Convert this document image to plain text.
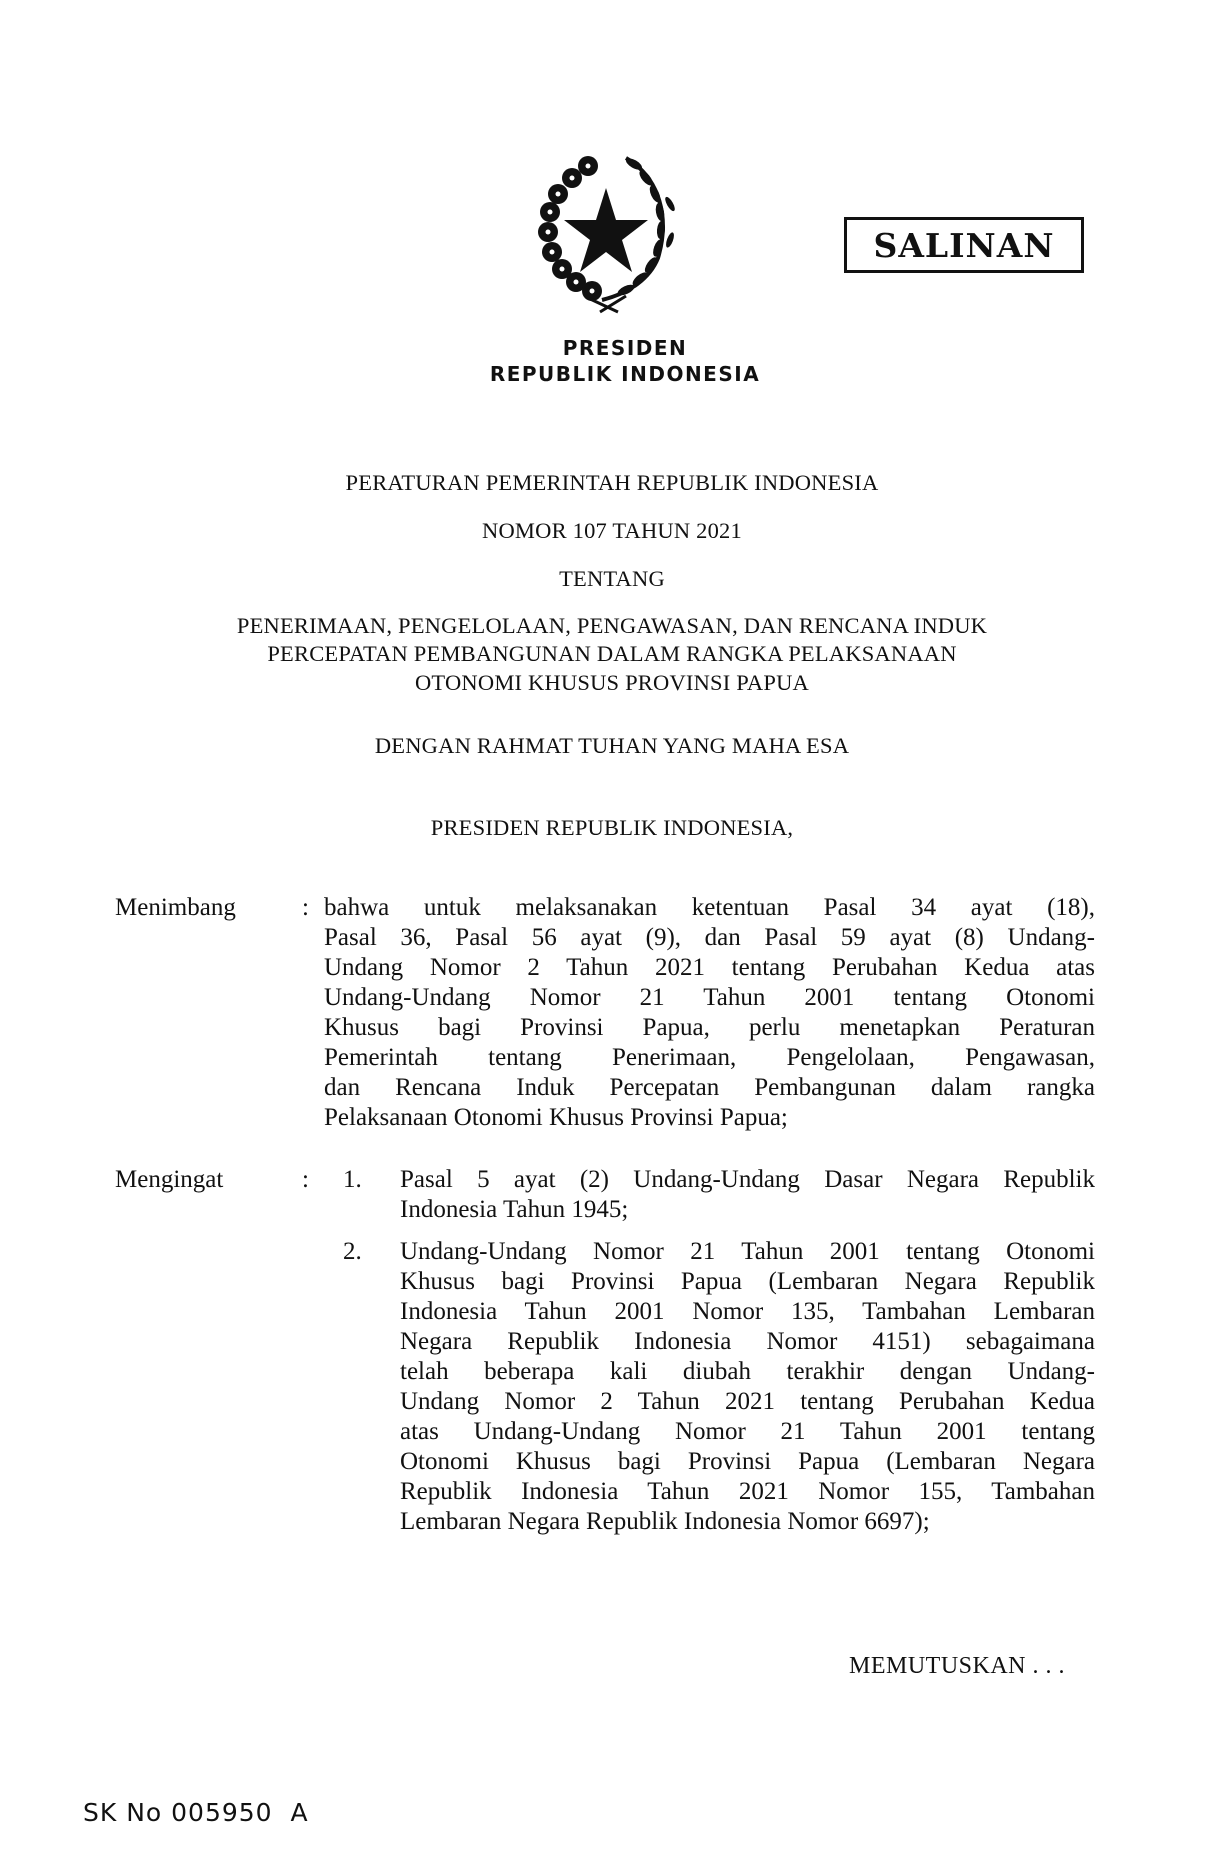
PRESIDEN
REPUBLIK INDONESIA
SALINAN
PERATURAN PEMERINTAH REPUBLIK INDONESIA
NOMOR 107 TAHUN 2021
TENTANG
PENERIMAAN, PENGELOLAAN, PENGAWASAN, DAN RENCANA INDUK
PERCEPATAN PEMBANGUNAN DALAM RANGKA PELAKSANAAN
OTONOMI KHUSUS PROVINSI PAPUA
DENGAN RAHMAT TUHAN YANG MAHA ESA
PRESIDEN REPUBLIK INDONESIA,
Menimbang	: bahwa untuk melaksanakan ketentuan Pasal 34 ayat (18),
Pasal 36, Pasal 56 ayat (9), dan Pasal 59 ayat (8) Undang-
Undang Nomor 2 Tahun 2021 tentang Perubahan Kedua atas
Undang-Undang Nomor 21 Tahun 2001 tentang Otonomi
Khusus bagi Provinsi Papua, perlu menetapkan Peraturan
Pemerintah tentang Penerimaan, Pengelolaan, Pengawasan,
dan Rencana Induk Percepatan Pembangunan dalam rangka
Pelaksanaan Otonomi Khusus Provinsi Papua;
Mengingat	: 1. Pasal 5 ayat (2) Undang-Undang Dasar Negara Republik
Indonesia Tahun 1945;
2. Undang-Undang Nomor 21 Tahun 2001 tentang Otonomi
Khusus bagi Provinsi Papua (Lembaran Negara Republik
Indonesia Tahun 2001 Nomor 135, Tambahan Lembaran
Negara Republik Indonesia Nomor 4151) sebagaimana
telah beberapa kali diubah terakhir dengan Undang-
Undang Nomor 2 Tahun 2021 tentang Perubahan Kedua
atas Undang-Undang Nomor 21 Tahun 2001 tentang
Otonomi Khusus bagi Provinsi Papua (Lembaran Negara
Republik Indonesia Tahun 2021 Nomor 155, Tambahan
Lembaran Negara Republik Indonesia Nomor 6697);
MEMUTUSKAN . . .
SK No 005950  A
